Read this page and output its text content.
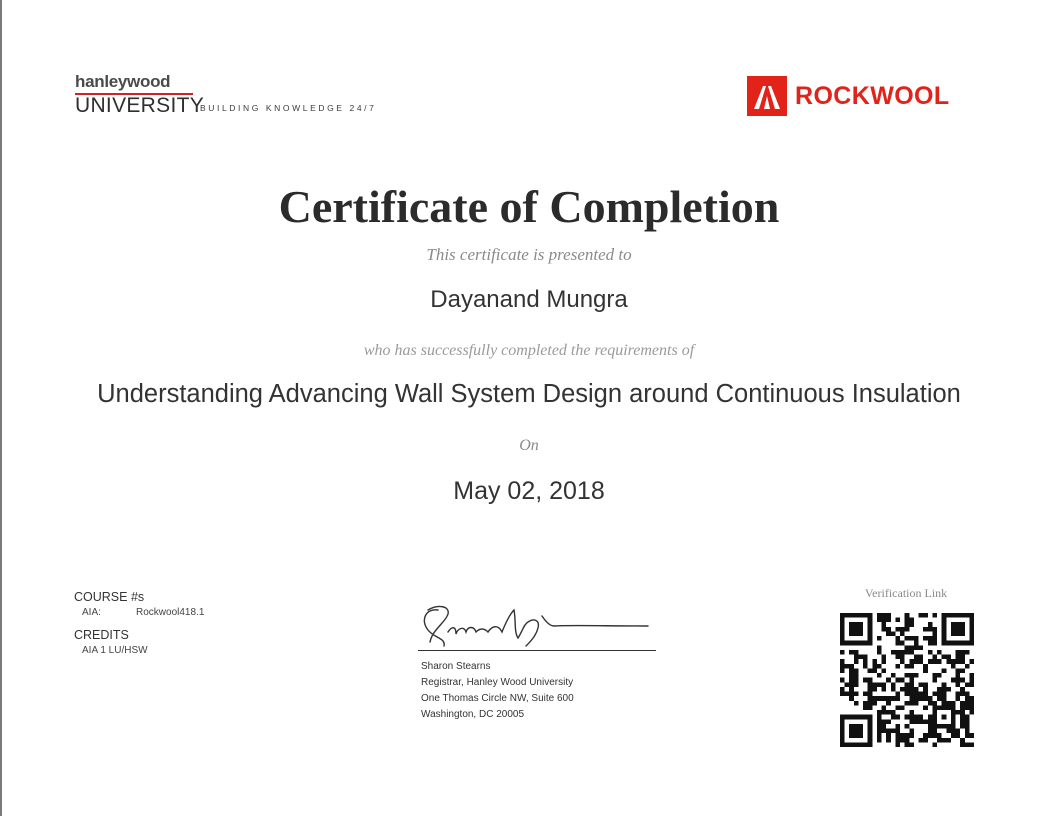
hanleywood
UNIVERSITY
BUILDING KNOWLEDGE 24/7	ROCKWOOL
Certificate of Completion
This certificate is presented to
Dayanand Mungra
who has successfully completed the requirements of
Understanding Advancing Wall System Design around Continuous Insulation
On
May 02, 2018
COURSE #s
AIA:	Rockwool418.1
CREDITS
AIA 1 LU/HSW
Sharon Stearns
Registrar, Hanley Wood University
One Thomas Circle NW, Suite 600
Washington, DC 20005
Verification Link
